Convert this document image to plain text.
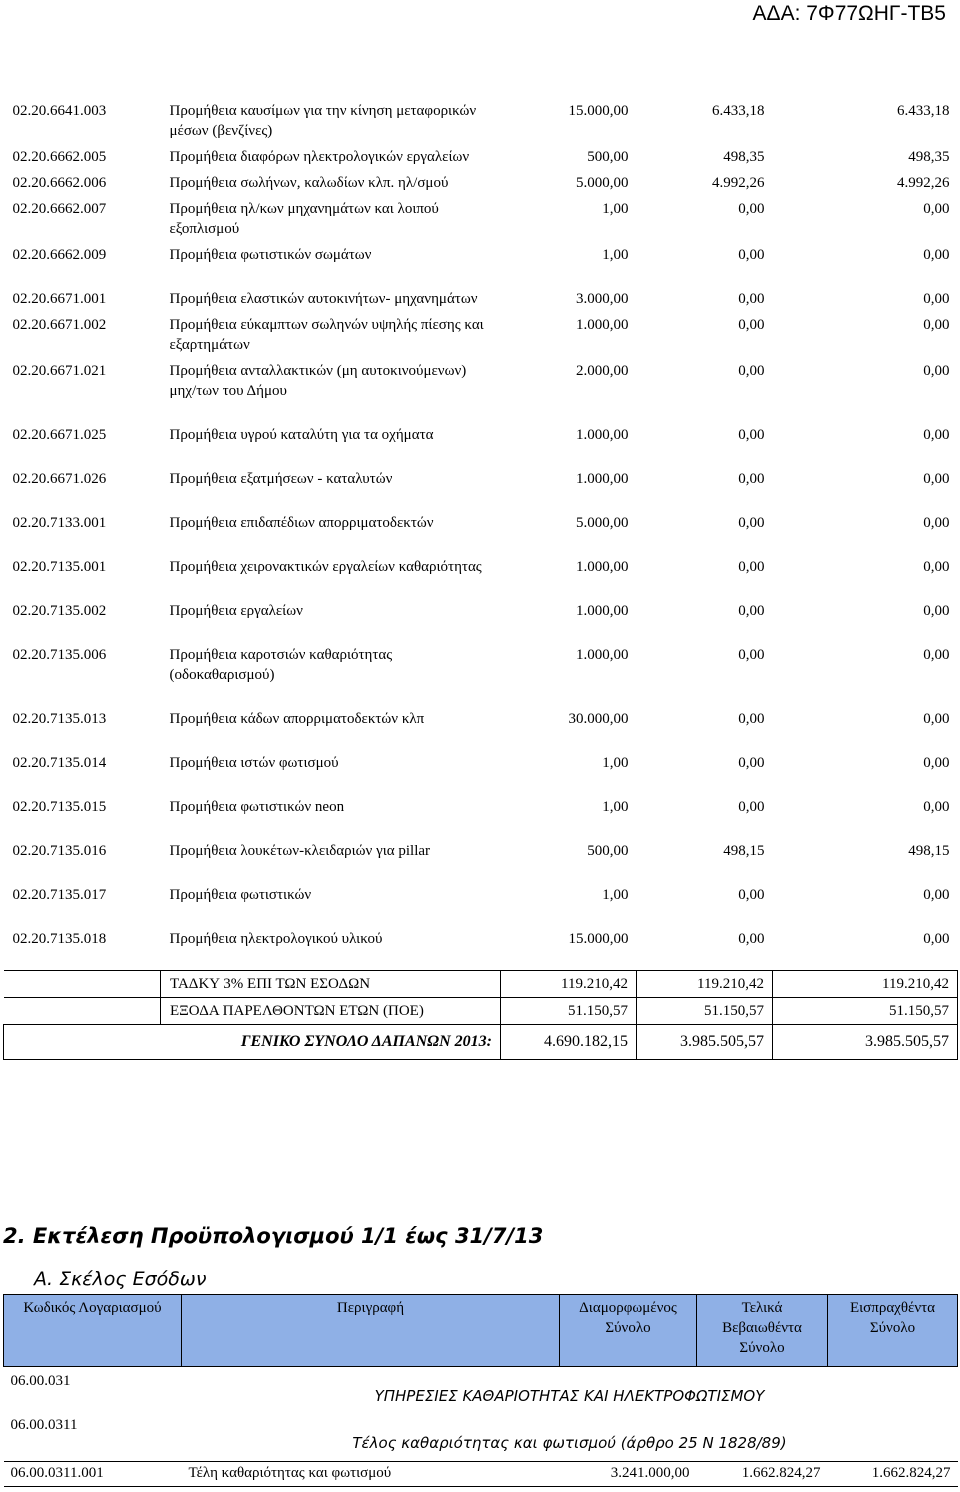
ΑΔΑ: 7Φ77ΩΗΓ-ΤΒ5
02.20.6641.003	Προμήθεια καυσίμων για την κίνηση μεταφορικών μέσων (βενζίνες)	15.000,00	6.433,18	6.433,18

02.20.6662.005	Προμήθεια διαφόρων ηλεκτρολογικών εργαλείων	500,00	498,35	498,35

02.20.6662.006	Προμήθεια σωλήνων, καλωδίων κλπ. ηλ/σμού	5.000,00	4.992,26	4.992,26

02.20.6662.007	Προμήθεια ηλ/κων μηχανημάτων και λοιπού εξοπλισμού	1,00	0,00	0,00
02.20.6662.009	Προμήθεια φωτιστικών σωμάτων	1,00	0,00	0,00

02.20.6671.001	Προμήθεια ελαστικών αυτοκινήτων- μηχανημάτων	3.000,00	0,00	0,00
02.20.6671.002	Προμήθεια εύκαμπτων σωληνών υψηλής πίεσης και εξαρτημάτων	1.000,00	0,00	0,00
02.20.6671.021	Προμήθεια ανταλλακτικών (μη αυτοκινούμενων) μηχ/των του Δήμου	2.000,00	0,00	0,00

02.20.6671.025	Προμήθεια υγρού καταλύτη για τα οχήματα	1.000,00	0,00	0,00

02.20.6671.026	Προμήθεια εξατμήσεων - καταλυτών	1.000,00	0,00	0,00

02.20.7133.001	Προμήθεια επιδαπέδιων απορριματοδεκτών	5.000,00	0,00	0,00

02.20.7135.001	Προμήθεια χειρονακτικών εργαλείων καθαριότητας	1.000,00	0,00	0,00

02.20.7135.002	Προμήθεια εργαλείων	1.000,00	0,00	0,00

02.20.7135.006	Προμήθεια καροτσιών καθαριότητας (οδοκαθαρισμού)	1.000,00	0,00	0,00

02.20.7135.013	Προμήθεια κάδων απορριματοδεκτών κλπ	30.000,00	0,00	0,00

02.20.7135.014	Προμήθεια ιστών φωτισμού	1,00	0,00	0,00

02.20.7135.015	Προμήθεια φωτιστικών neon	1,00	0,00	0,00

02.20.7135.016	Προμήθεια λουκέτων-κλειδαριών για pillar	500,00	498,15	498,15

02.20.7135.017	Προμήθεια φωτιστικών	1,00	0,00	0,00

02.20.7135.018	Προμήθεια ηλεκτρολογικού υλικού	15.000,00	0,00	0,00

	ΤΑΔΚΥ 3% ΕΠΙ ΤΩΝ ΕΣΟΔΩΝ	119.210,42	119.210,42	119.210,42
	ΕΞΟΔΑ ΠΑΡΕΛΘΟΝΤΩΝ ΕΤΩΝ (ΠΟΕ)	51.150,57	51.150,57	51.150,57
ΓΕΝΙΚΟ ΣΥΝΟΛΟ ΔΑΠΑΝΩΝ 2013:		4.690.182,15	3.985.505,57	3.985.505,57
2. Εκτέλεση Προϋπολογισμού 1/1 έως 31/7/13
Α. Σκέλος Εσόδων
Κωδικός Λογαριασμού	Περιγραφή	Διαμορφωμένος Σύνολο	Τελικά Βεβαιωθέντα Σύνολο	Εισπραχθέντα Σύνολο
06.00.031	ΥΠΗΡΕΣΙΕΣ ΚΑΘΑΡΙΟΤΗΤΑΣ ΚΑΙ ΗΛΕΚΤΡΟΦΩΤΙΣΜΟΥ			
06.00.0311	Τέλος καθαριότητας και φωτισμού (άρθρο 25 Ν 1828/89)			
06.00.0311.001	Τέλη καθαριότητας και φωτισμού	3.241.000,00	1.662.824,27	1.662.824,27
